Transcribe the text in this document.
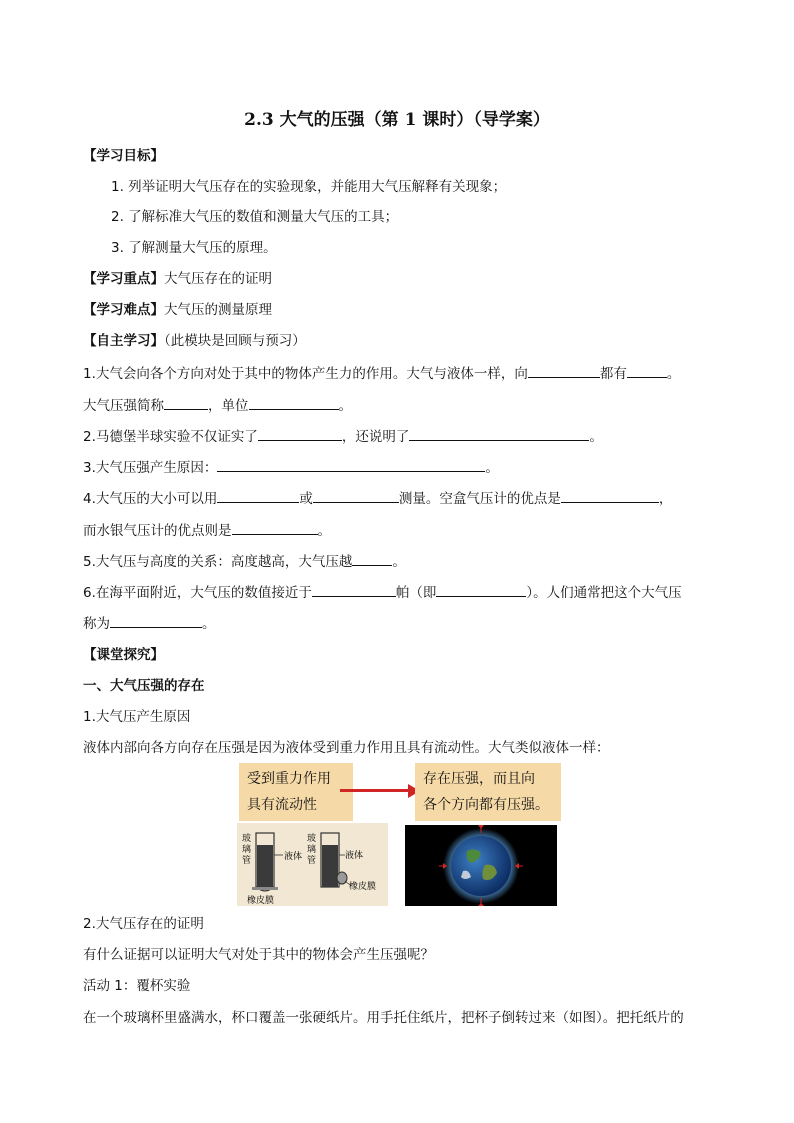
2.3 大气的压强（第 1 课时）（导学案）
【学习目标】
1. 列举证明大气压存在的实验现象，并能用大气压解释有关现象；
2. 了解标准大气压的数值和测量大气压的工具；
3. 了解测量大气压的原理。
【学习重点】大气压存在的证明
【学习难点】大气压的测量原理
【自主学习】（此模块是回顾与预习）
1.大气会向各个方向对处于其中的物体产生力的作用。大气与液体一样，向	都有	。
大气压强简称	，单位	。
2.马德堡半球实验不仅证实了	，还说明了	。
3.大气压强产生原因：	。
4.大气压的大小可以用	或	测量。空盒气压计的优点是	，
而水银气压计的优点则是	。
5.大气压与高度的关系：高度越高，大气压越	。
6.在海平面附近，大气压的数值接近于	帕（即	）。人们通常把这个大气压
称为	。
【课堂探究】
一、大气压强的存在
1.大气压产生原因
液体内部向各方向存在压强是因为液体受到重力作用且具有流动性。大气类似液体一样：
受到重力作用
具有流动性
存在压强，而且向
各个方向都有压强。
玻
璃
管	液体
橡皮膜
玻
璃
管	液体
橡皮膜
2.大气压存在的证明
有什么证据可以证明大气对处于其中的物体会产生压强呢？
活动 1：覆杯实验
在一个玻璃杯里盛满水，杯口覆盖一张硬纸片。用手托住纸片，把杯子倒转过来（如图）。把托纸片的
